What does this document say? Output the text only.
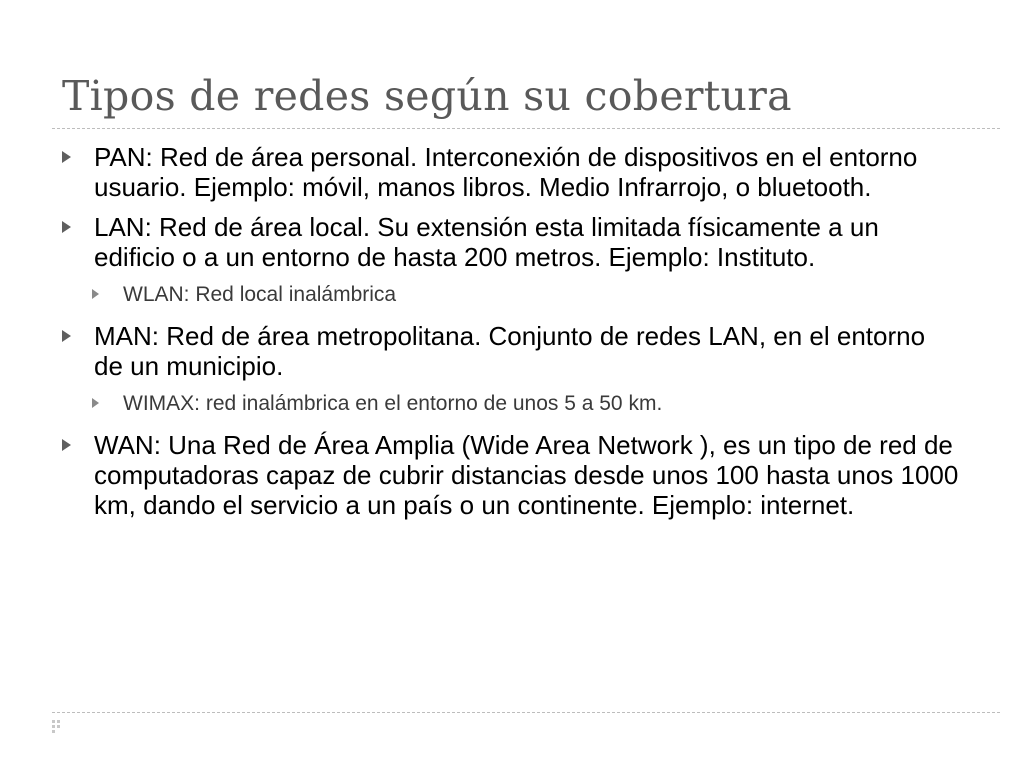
Tipos de redes según su cobertura
PAN: Red de área personal. Interconexión de dispositivos en el entorno usuario. Ejemplo: móvil, manos libros. Medio Infrarrojo, o bluetooth.
LAN: Red de área local. Su extensión esta limitada físicamente a un edificio o a un entorno de hasta 200 metros. Ejemplo: Instituto.
WLAN: Red local inalámbrica
MAN: Red de área metropolitana. Conjunto de redes LAN, en el entorno de un municipio.
WIMAX: red inalámbrica en el entorno de unos 5 a 50 km.
WAN: Una Red de Área Amplia (Wide Area Network ), es un tipo de red de computadoras capaz de cubrir distancias desde unos 100 hasta unos 1000 km, dando el servicio a un país o un continente. Ejemplo: internet.
